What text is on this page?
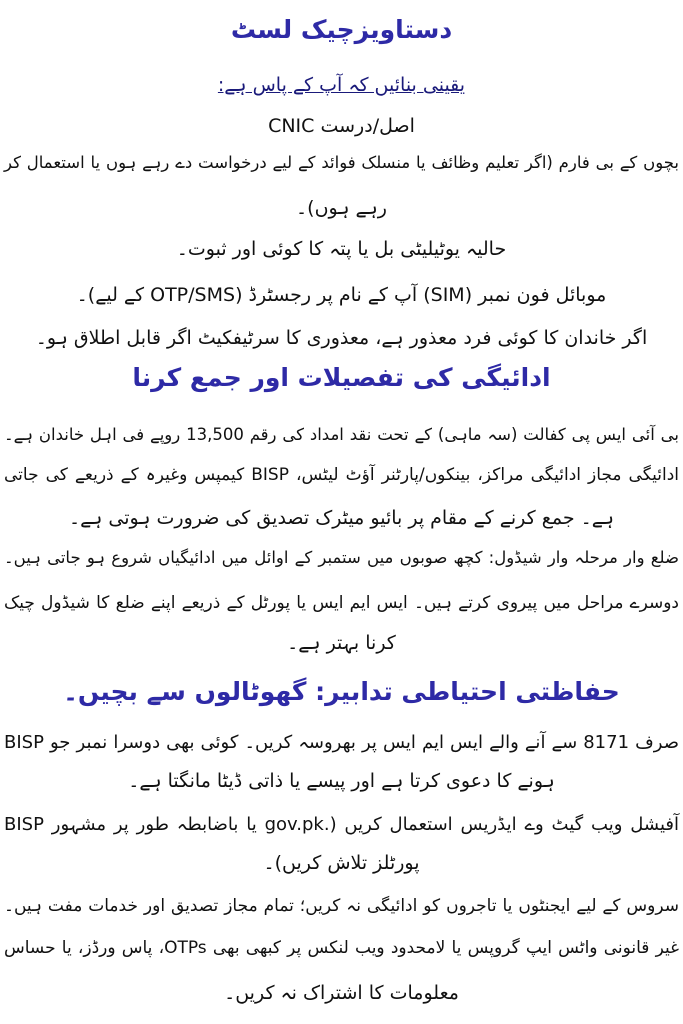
دستاویزچیک لسٹ
یقینی بنائیں کہ آپ کے پاس ہے:
اصل/درست CNIC
بچوں کے بی فارم (اگر تعلیم وظائف یا منسلک فوائد کے لیے درخواست دے رہے ہوں یا استعمال کر
رہے ہوں)۔
حالیہ یوٹیلیٹی بل یا پتہ کا کوئی اور ثبوت۔
موبائل فون نمبر (SIM) آپ کے نام پر رجسٹرڈ (OTP/SMS کے لیے)۔
اگر خاندان کا کوئی فرد معذور ہے، معذوری کا سرٹیفکیٹ اگر قابل اطلاق ہو۔
ادائیگی کی تفصیلات اور جمع کرنا
بی آئی ایس پی کفالت (سہ ماہی) کے تحت نقد امداد کی رقم 13,500 روپے فی اہل خاندان ہے۔
ادائیگی مجاز ادائیگی مراکز، بینکوں/پارٹنر آؤٹ لیٹس، BISP کیمپس وغیرہ کے ذریعے کی جاتی
ہے۔ جمع کرنے کے مقام پر بائیو میٹرک تصدیق کی ضرورت ہوتی ہے۔
ضلع وار مرحلہ وار شیڈول: کچھ صوبوں میں ستمبر کے اوائل میں ادائیگیاں شروع ہو جاتی ہیں۔
دوسرے مراحل میں پیروی کرتے ہیں۔ ایس ایم ایس یا پورٹل کے ذریعے اپنے ضلع کا شیڈول چیک
کرنا بہتر ہے۔
حفاظتی احتیاطی تدابیر: گھوٹالوں سے بچیں۔
صرف 8171 سے آنے والے ایس ایم ایس پر بھروسہ کریں۔ کوئی بھی دوسرا نمبر جو BISP
ہونے کا دعوی کرتا ہے اور پیسے یا ذاتی ڈیٹا مانگتا ہے۔
آفیشل ویب گیٹ وے ایڈریس استعمال کریں (.gov.pk یا باضابطہ طور پر مشہور BISP
پورٹلز تلاش کریں)۔
سروس کے لیے ایجنٹوں یا تاجروں کو ادائیگی نہ کریں؛ تمام مجاز تصدیق اور خدمات مفت ہیں۔
غیر قانونی واٹس ایپ گروپس یا لامحدود ویب لنکس پر کبھی بھی OTPs، پاس ورڈز، یا حساس
معلومات کا اشتراک نہ کریں۔
